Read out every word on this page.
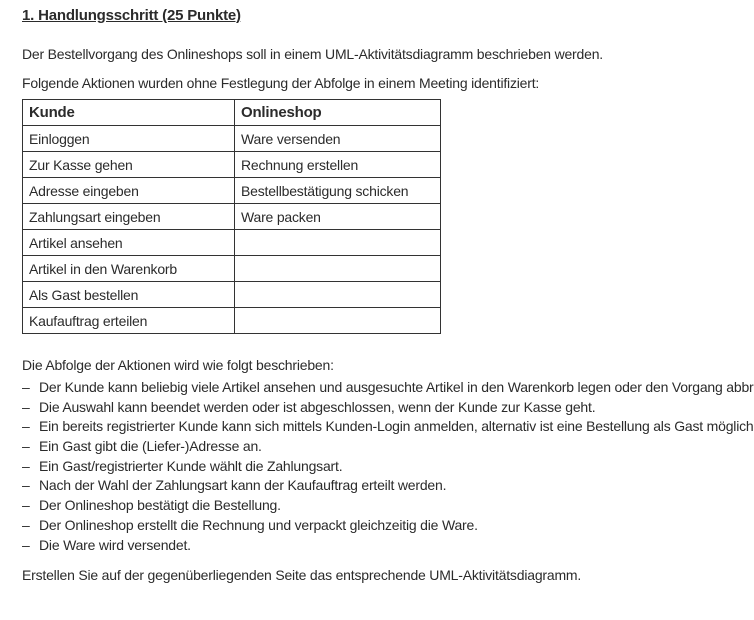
1. Handlungsschritt (25 Punkte)
Der Bestellvorgang des Onlineshops soll in einem UML-Aktivitätsdiagramm beschrieben werden.
Folgende Aktionen wurden ohne Festlegung der Abfolge in einem Meeting identifiziert:
Kunde	Onlineshop
Einloggen	Ware versenden
Zur Kasse gehen	Rechnung erstellen
Adresse eingeben	Bestellbestätigung schicken
Zahlungsart eingeben	Ware packen
Artikel ansehen	
Artikel in den Warenkorb	
Als Gast bestellen	
Kaufauftrag erteilen	
Die Abfolge der Aktionen wird wie folgt beschrieben:
– Der Kunde kann beliebig viele Artikel ansehen und ausgesuchte Artikel in den Warenkorb legen oder den Vorgang abbr
– Die Auswahl kann beendet werden oder ist abgeschlossen, wenn der Kunde zur Kasse geht.
– Ein bereits registrierter Kunde kann sich mittels Kunden-Login anmelden, alternativ ist eine Bestellung als Gast möglich
– Ein Gast gibt die (Liefer-)Adresse an.
– Ein Gast/registrierter Kunde wählt die Zahlungsart.
– Nach der Wahl der Zahlungsart kann der Kaufauftrag erteilt werden.
– Der Onlineshop bestätigt die Bestellung.
– Der Onlineshop erstellt die Rechnung und verpackt gleichzeitig die Ware.
– Die Ware wird versendet.
Erstellen Sie auf der gegenüberliegenden Seite das entsprechende UML-Aktivitätsdiagramm.
